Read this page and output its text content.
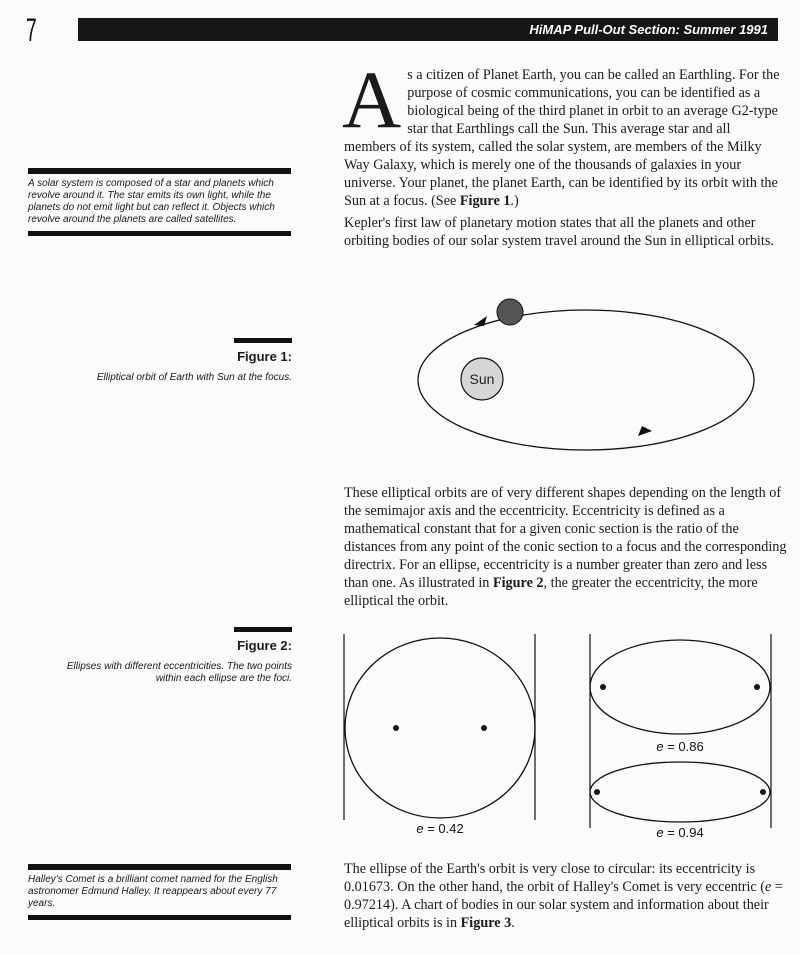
7	HiMAP Pull-Out Section: Summer 1991
A s a citizen of Planet Earth, you can be called an Earthling. For the purpose of cosmic communications, you can be identified as a biological being of the third planet in orbit to an average G2-type star that Earthlings call the Sun. This average star and all members of its system, called the solar system, are members of the Milky Way Galaxy, which is merely one of the thousands of galaxies in your universe. Your planet, the planet Earth, can be identified by its orbit with the Sun at a focus. (See Figure 1.)
Kepler's first law of planetary motion states that all the planets and other orbiting bodies of our solar system travel around the Sun in elliptical orbits.
A solar system is composed of a star and planets which revolve around it. The star emits its own light, while the planets do not emit light but can reflect it. Objects which revolve around the planets are called satellites.
Figure 1:
Elliptical orbit of Earth with Sun at the focus.	Sun
These elliptical orbits are of very different shapes depending on the length of the semimajor axis and the eccentricity. Eccentricity is defined as a mathematical constant that for a given conic section is the ratio of the distances from any point of the conic section to a focus and the corresponding directrix. For an ellipse, eccentricity is a number greater than zero and less than one. As illustrated in Figure 2, the greater the eccentricity, the more elliptical the orbit.
Figure 2:
Ellipses with different eccentricities. The two points within each ellipse are the foci.
e = 0.42
e = 0.86
e = 0.94
Halley's Comet is a brilliant comet named for the English astronomer Edmund Halley. It reappears about every 77 years.
The ellipse of the Earth's orbit is very close to circular: its eccentricity is 0.01673. On the other hand, the orbit of Halley's Comet is very eccentric (e = 0.97214). A chart of bodies in our solar system and information about their elliptical orbits is in Figure 3.
